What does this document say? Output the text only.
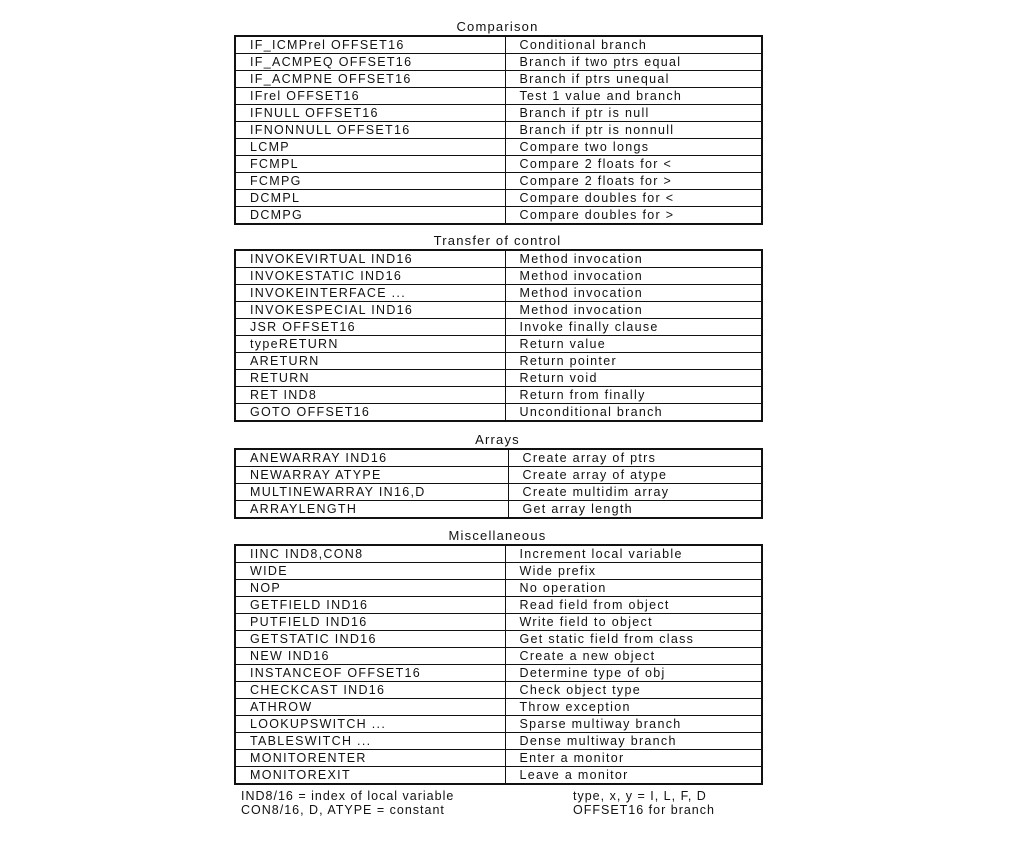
Comparison
IF_ICMPrel OFFSET16	Conditional branch
IF_ACMPEQ OFFSET16	Branch if two ptrs equal
IF_ACMPNE OFFSET16	Branch if ptrs unequal
IFrel OFFSET16	Test 1 value and branch
IFNULL OFFSET16	Branch if ptr is null
IFNONNULL OFFSET16	Branch if ptr is nonnull
LCMP	Compare two longs
FCMPL	Compare 2 floats for <
FCMPG	Compare 2 floats for >
DCMPL	Compare doubles for <
DCMPG	Compare doubles for >
Transfer of control
INVOKEVIRTUAL IND16	Method invocation
INVOKESTATIC IND16	Method invocation
INVOKEINTERFACE ...	Method invocation
INVOKESPECIAL IND16	Method invocation
JSR OFFSET16	Invoke finally clause
typeRETURN	Return value
ARETURN	Return pointer
RETURN	Return void
RET IND8	Return from finally
GOTO OFFSET16	Unconditional branch
Arrays
ANEWARRAY IND16	Create array of ptrs
NEWARRAY ATYPE	Create array of atype
MULTINEWARRAY IN16,D	Create multidim array
ARRAYLENGTH	Get array length
Miscellaneous
IINC IND8,CON8	Increment local variable
WIDE	Wide prefix
NOP	No operation
GETFIELD IND16	Read field from object
PUTFIELD IND16	Write field to object
GETSTATIC IND16	Get static field from class
NEW IND16	Create a new object
INSTANCEOF OFFSET16	Determine type of obj
CHECKCAST IND16	Check object type
ATHROW	Throw exception
LOOKUPSWITCH ...	Sparse multiway branch
TABLESWITCH ...	Dense multiway branch
MONITORENTER	Enter a monitor
MONITOREXIT	Leave a monitor
IND8/16 = index of local variable
CON8/16, D, ATYPE = constant
type, x, y = I, L, F, D
OFFSET16 for branch
